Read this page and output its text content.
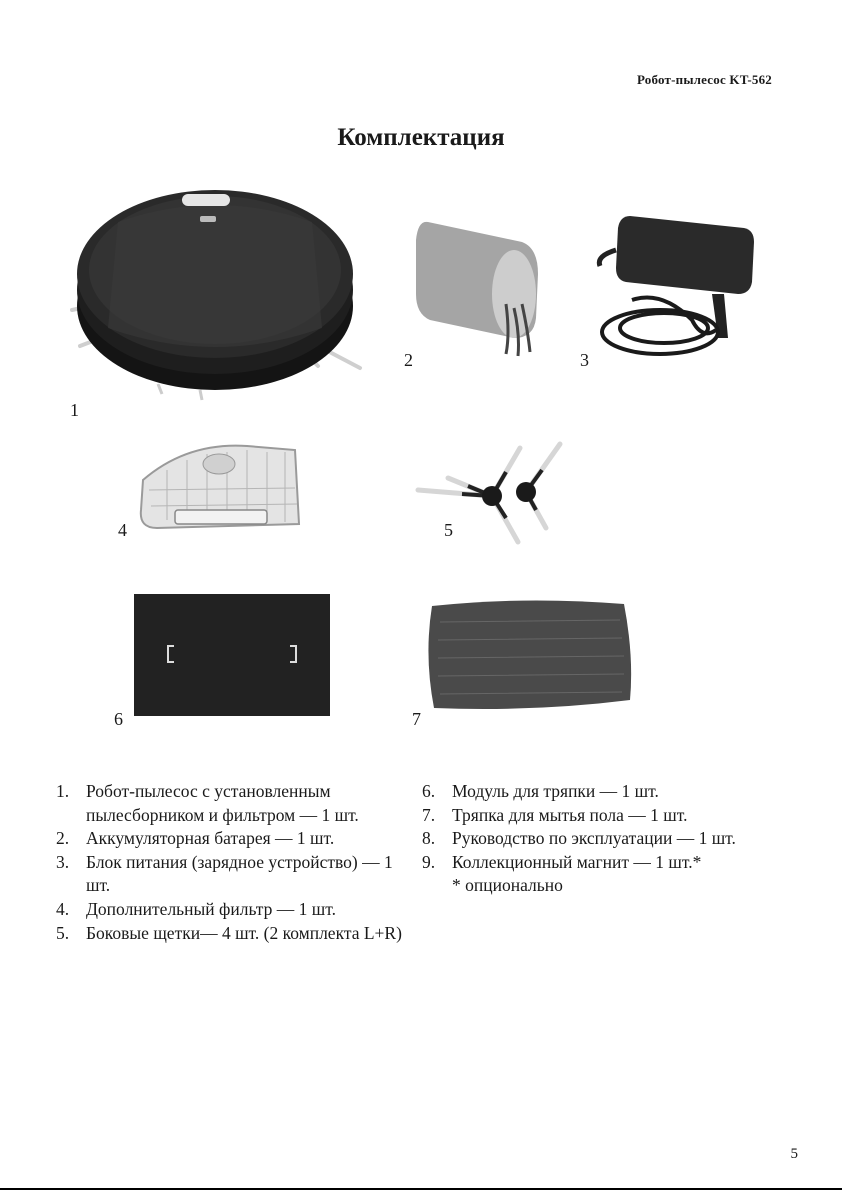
Робот-пылесос KT-562
Комплектация
1
2	3
4	5
6	7
1. Робот-пылесос с установленным пылесборником и фильтром — 1 шт.
2. Аккумуляторная батарея — 1 шт.
3. Блок питания (зарядное устройство) — 1 шт.
4. Дополнительный фильтр — 1 шт.
5. Боковые щетки— 4 шт. (2 комплекта L+R)
6. Модуль для тряпки — 1 шт.
7. Тряпка для мытья пола — 1 шт.
8. Руководство по эксплуатации — 1 шт.
9. Коллекционный магнит — 1 шт.*
* опционально
5
